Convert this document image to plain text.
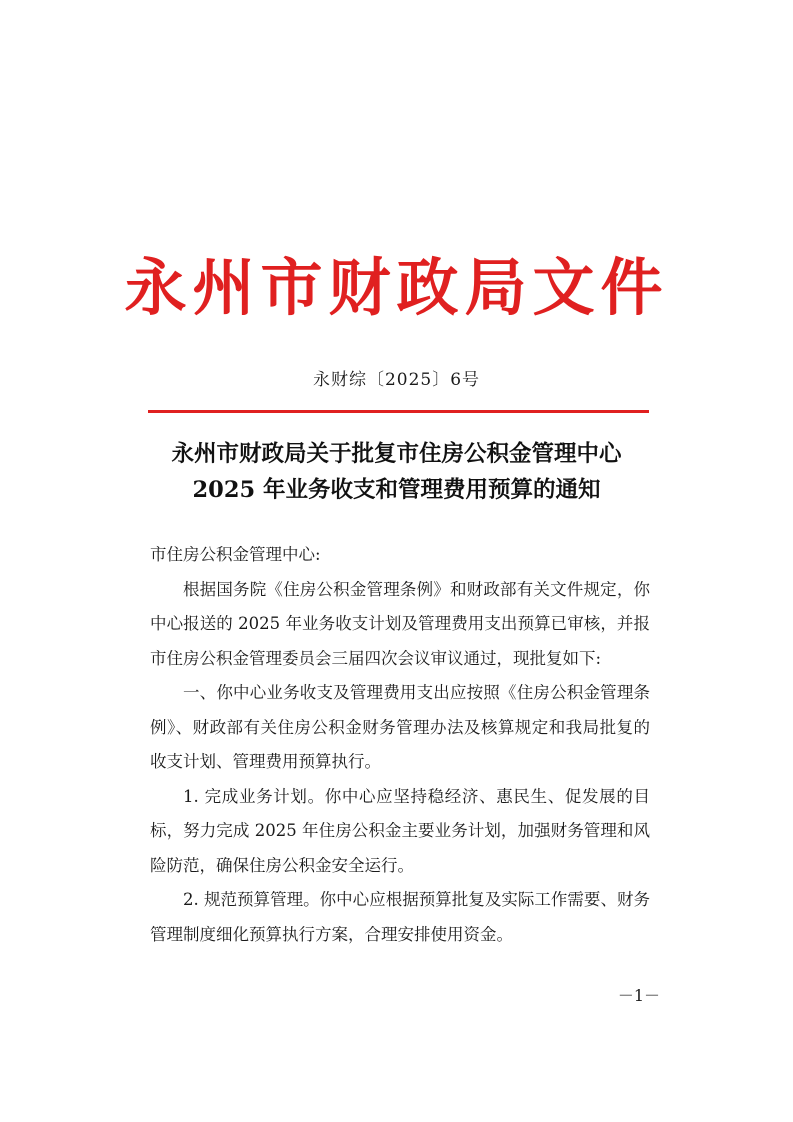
永州市财政局文件
永财综〔2025〕6号
永州市财政局关于批复市住房公积金管理中心
2025 年业务收支和管理费用预算的通知

市住房公积金管理中心:

根据国务院《住房公积金管理条例》和财政部有关文件规定，你中心报送的 2025 年业务收支计划及管理费用支出预算已审核，并报市住房公积金管理委员会三届四次会议审议通过，现批复如下:

一、你中心业务收支及管理费用支出应按照《住房公积金管理条例》、财政部有关住房公积金财务管理办法及核算规定和我局批复的收支计划、管理费用预算执行。

1. 完成业务计划。你中心应坚持稳经济、惠民生、促发展的目标，努力完成 2025 年住房公积金主要业务计划，加强财务管理和风险防范，确保住房公积金安全运行。

2. 规范预算管理。你中心应根据预算批复及实际工作需要、财务管理制度细化预算执行方案，合理安排使用资金。

－1－
